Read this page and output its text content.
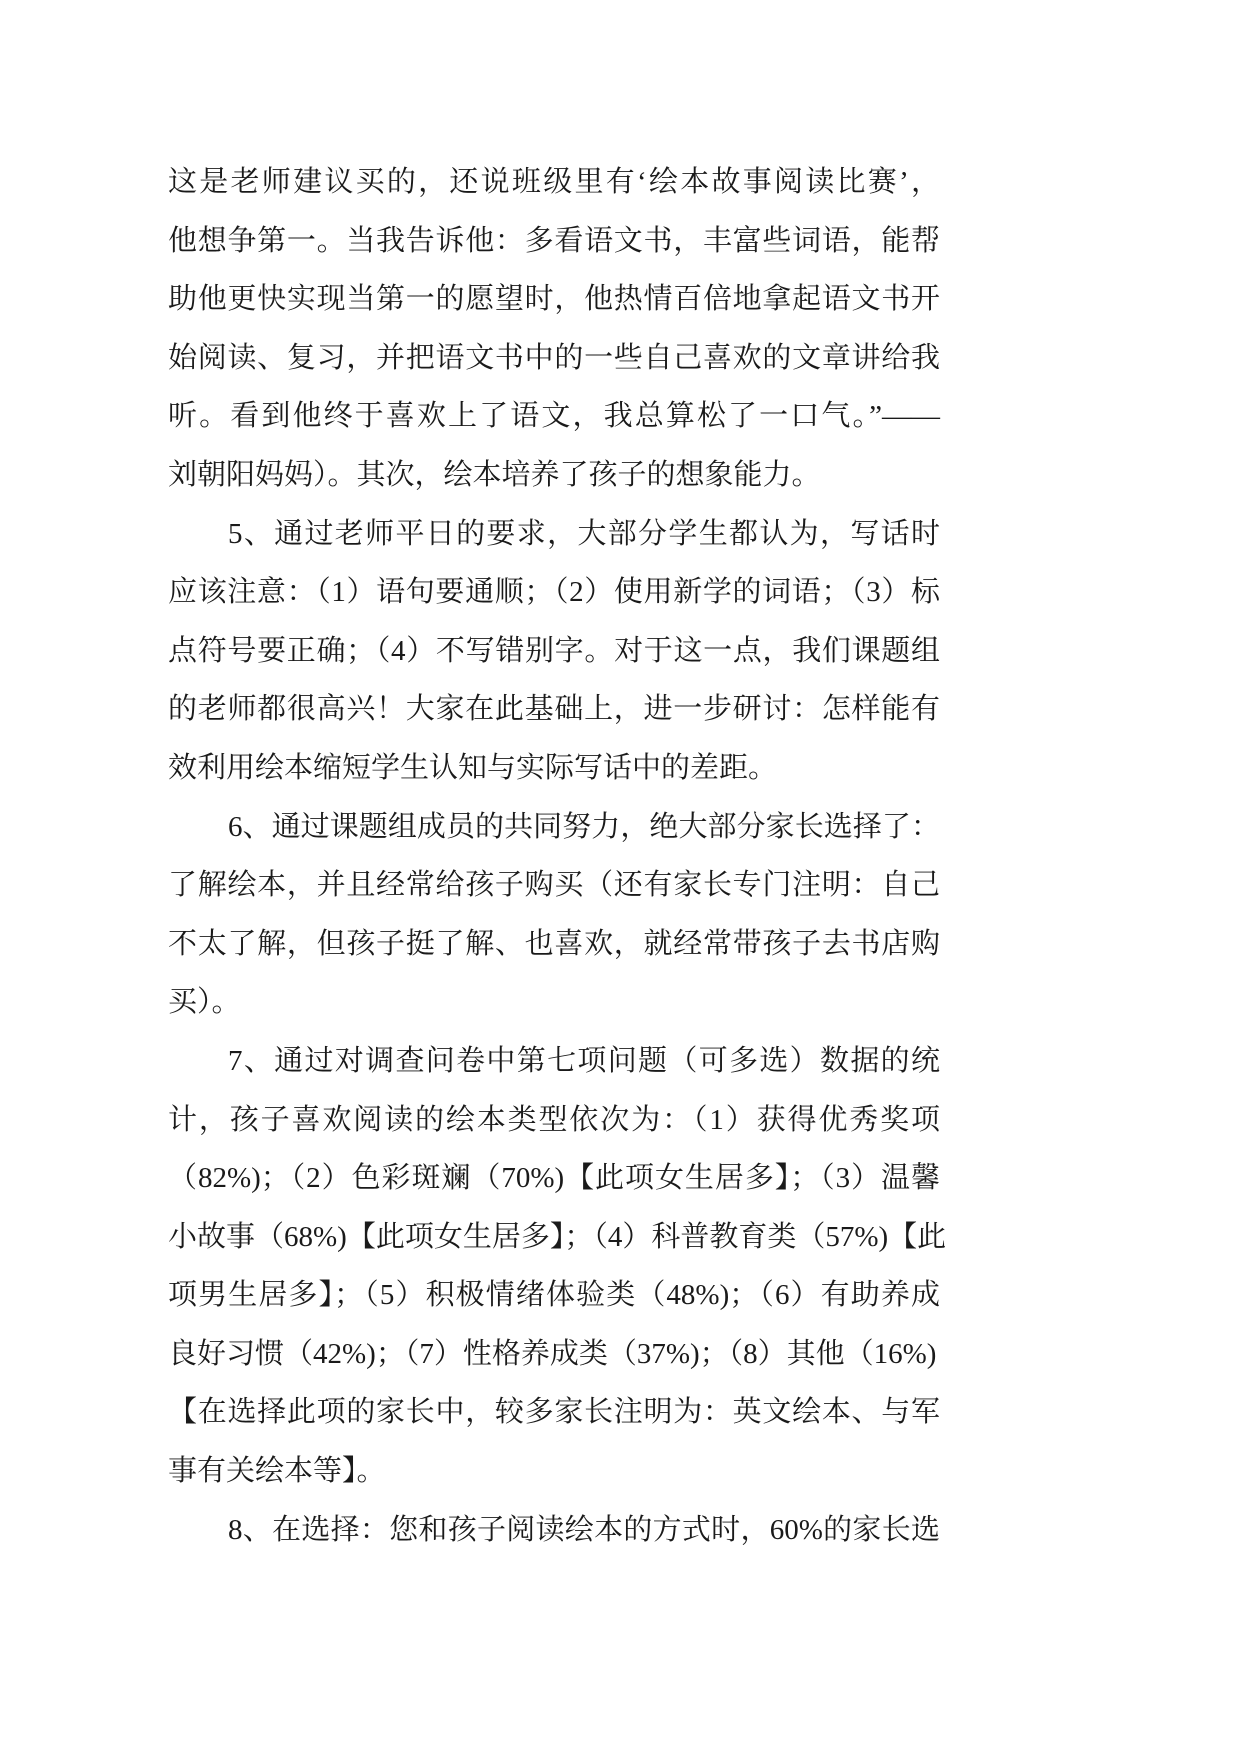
这是老师建议买的，还说班级里有‘绘本故事阅读比赛’，
他想争第一。当我告诉他：多看语文书，丰富些词语，能帮
助他更快实现当第一的愿望时，他热情百倍地拿起语文书开
始阅读、复习，并把语文书中的一些自己喜欢的文章讲给我
听。看到他终于喜欢上了语文，我总算松了一口气。”——
刘朝阳妈妈）。其次，绘本培养了孩子的想象能力。
5、通过老师平日的要求，大部分学生都认为，写话时
应该注意：（1）语句要通顺；（2）使用新学的词语；（3）标
点符号要正确；（4）不写错别字。对于这一点，我们课题组
的老师都很高兴！大家在此基础上，进一步研讨：怎样能有
效利用绘本缩短学生认知与实际写话中的差距。
6、通过课题组成员的共同努力，绝大部分家长选择了：
了解绘本，并且经常给孩子购买（还有家长专门注明：自己
不太了解，但孩子挺了解、也喜欢，就经常带孩子去书店购
买）。
7、通过对调查问卷中第七项问题（可多选）数据的统
计，孩子喜欢阅读的绘本类型依次为：（1）获得优秀奖项
（82%)；（2）色彩斑斓（70%)【此项女生居多】；（3）温馨
小故事（68%)【此项女生居多】；（4）科普教育类（57%)【此
项男生居多】；（5）积极情绪体验类（48%)；（6）有助养成
良好习惯（42%)；（7）性格养成类（37%)；（8）其他（16%)
【在选择此项的家长中，较多家长注明为：英文绘本、与军
事有关绘本等】。
8、在选择：您和孩子阅读绘本的方式时，60%的家长选
